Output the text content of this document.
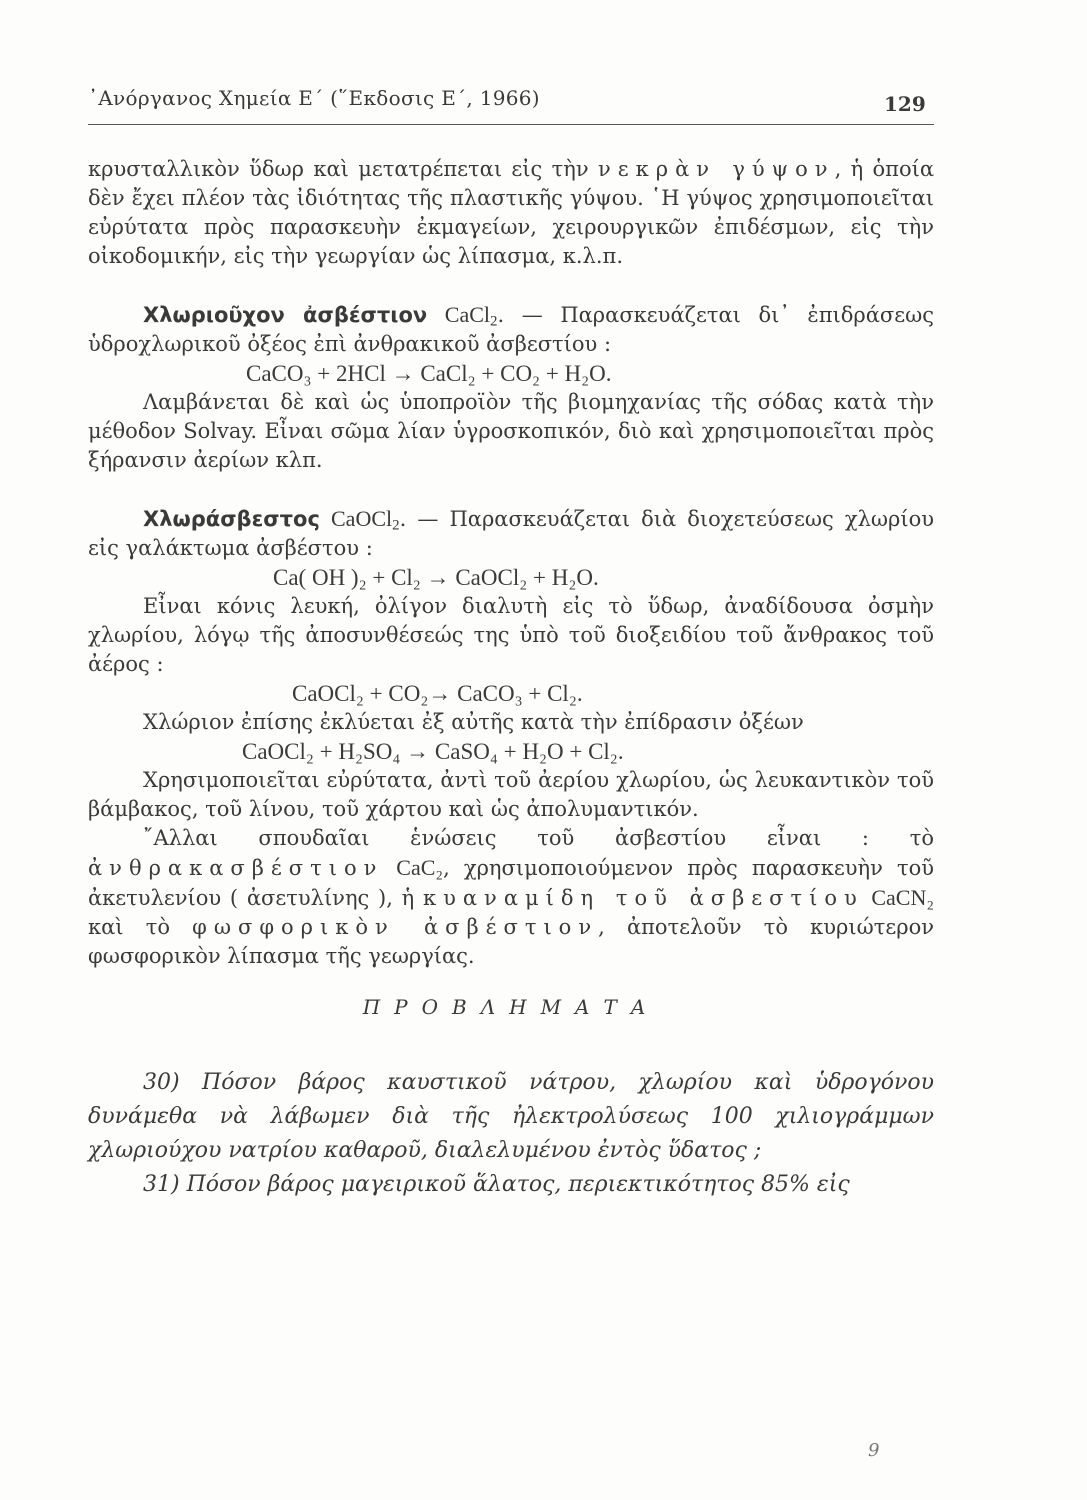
᾿Ανόργανος Χημεία Ε΄ (῞Εκδοσις Ε΄, 1966)	129

κρυσταλλικὸν ὕδωρ καὶ μετατρέπεται εἰς τὴν νεκρὰν γύψον, ἡ ὁποία δὲν ἔχει πλέον τὰς ἰδιότητας τῆς πλαστικῆς γύψου. ῾Η γύψος χρησιμοποιεῖται εὐρύτατα πρὸς παρασκευὴν ἐκμαγείων, χειρουργικῶν ἐπιδέσμων, εἰς τὴν οἰκοδομικήν, εἰς τὴν γεωργίαν ὡς λίπασμα, κ.λ.π.

Χλωριοῦχον ἀσβέστιον CaCl$_2$. — Παρασκευάζεται δι᾿ ἐπιδράσεως ὑδροχλωρικοῦ ὀξέος ἐπὶ ἀνθρακικοῦ ἀσβεστίου :

CaCO₃ + 2HCl → CaCl₂ + CO₂ + H₂O.

Λαμβάνεται δὲ καὶ ὡς ὑποπροϊὸν τῆς βιομηχανίας τῆς σόδας κατὰ τὴν μέθοδον Solvay. Εἶναι σῶμα λίαν ὑγροσκοπικόν, διὸ καὶ χρησιμοποιεῖται πρὸς ξήρανσιν ἀερίων κλπ.

Χλωράσβεστος CaOCl$_2$. — Παρασκευάζεται διὰ διοχετεύσεως χλωρίου εἰς γαλάκτωμα ἀσβέστου :

Ca( OH )₂ + Cl₂ → CaOCl₂ + H₂O.

Εἶναι κόνις λευκή, ὀλίγον διαλυτὴ εἰς τὸ ὕδωρ, ἀναδίδουσα ὀσμὴν χλωρίου, λόγῳ τῆς ἀποσυνθέσεώς της ὑπὸ τοῦ διοξειδίου τοῦ ἄνθρακος τοῦ ἀέρος :

CaOCl₂ + CO₂→ CaCO₃ + Cl₂.

Χλώριον ἐπίσης ἐκλύεται ἐξ αὐτῆς κατὰ τὴν ἐπίδρασιν ὀξέων

CaOCl₂ + H₂SO₄ → CaSO₄ + H₂O + Cl₂.

Χρησιμοποιεῖται εὐρύτατα, ἀντὶ τοῦ ἀερίου χλωρίου, ὡς λευκαντικὸν τοῦ βάμβακος, τοῦ λίνου, τοῦ χάρτου καὶ ὡς ἀπολυμαντικόν.

῎Αλλαι σπουδαῖαι ἑνώσεις τοῦ ἀσβεστίου εἶναι : τὸ ἀνθρακασβέστιον CaC₂, χρησιμοποιούμενον πρὸς παρασκευὴν τοῦ ἀκετυλενίου ( ἀσετυλίνης ), ἡ κυαναμίδη τοῦ ἀσβεστίου CaCN₂ καὶ τὸ φωσφορικὸν ἀσβέστιον, ἀποτελοῦν τὸ κυριώτερον φωσφορικὸν λίπασμα τῆς γεωργίας.

ΠΡΟΒΛΗΜΑΤΑ

30) Πόσον βάρος καυστικοῦ νάτρου, χλωρίου καὶ ὑδρογόνου δυνάμεθα νὰ λάβωμεν διὰ τῆς ἠλεκτρολύσεως 100 χιλιογράμμων χλωριούχου νατρίου καθαροῦ, διαλελυμένου ἐντὸς ὕδατος ;

31) Πόσον βάρος μαγειρικοῦ ἅλατος, περιεκτικότητος 85% εἰς

9
